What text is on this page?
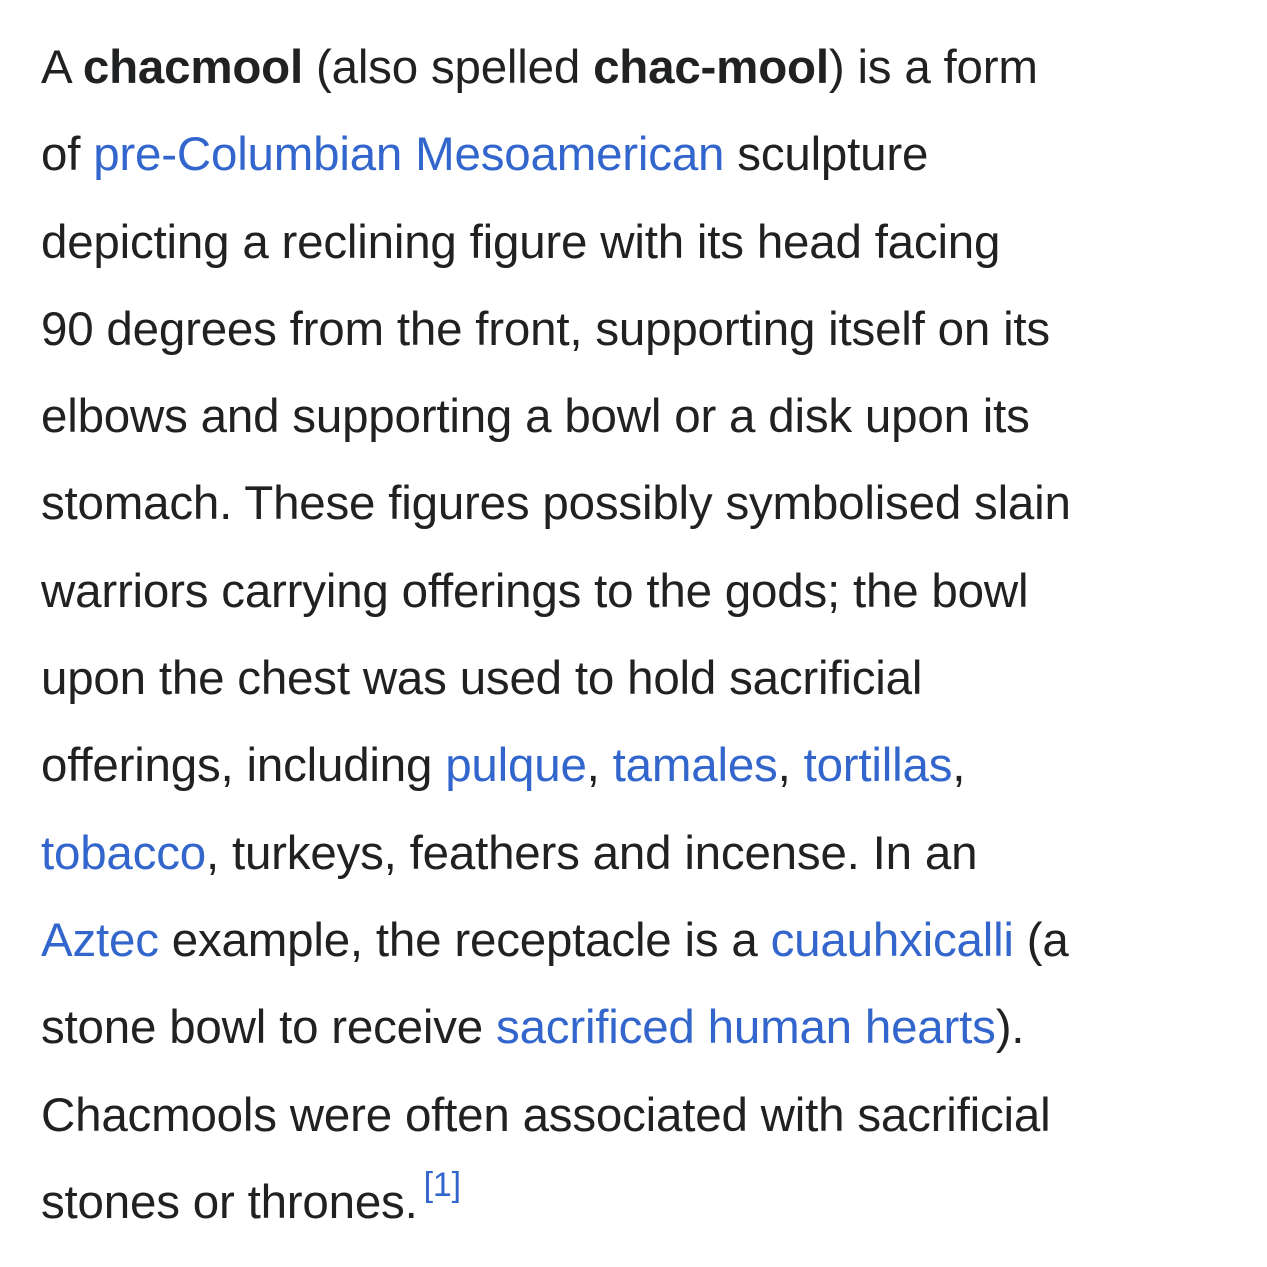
A chacmool (also spelled chac-mool) is a form
of pre-Columbian Mesoamerican sculpture
depicting a reclining figure with its head facing
90 degrees from the front, supporting itself on its
elbows and supporting a bowl or a disk upon its
stomach. These figures possibly symbolised slain
warriors carrying offerings to the gods; the bowl
upon the chest was used to hold sacrificial
offerings, including pulque, tamales, tortillas,
tobacco, turkeys, feathers and incense. In an
Aztec example, the receptacle is a cuauhxicalli (a
stone bowl to receive sacrificed human hearts).
Chacmools were often associated with sacrificial
stones or thrones. [1]
